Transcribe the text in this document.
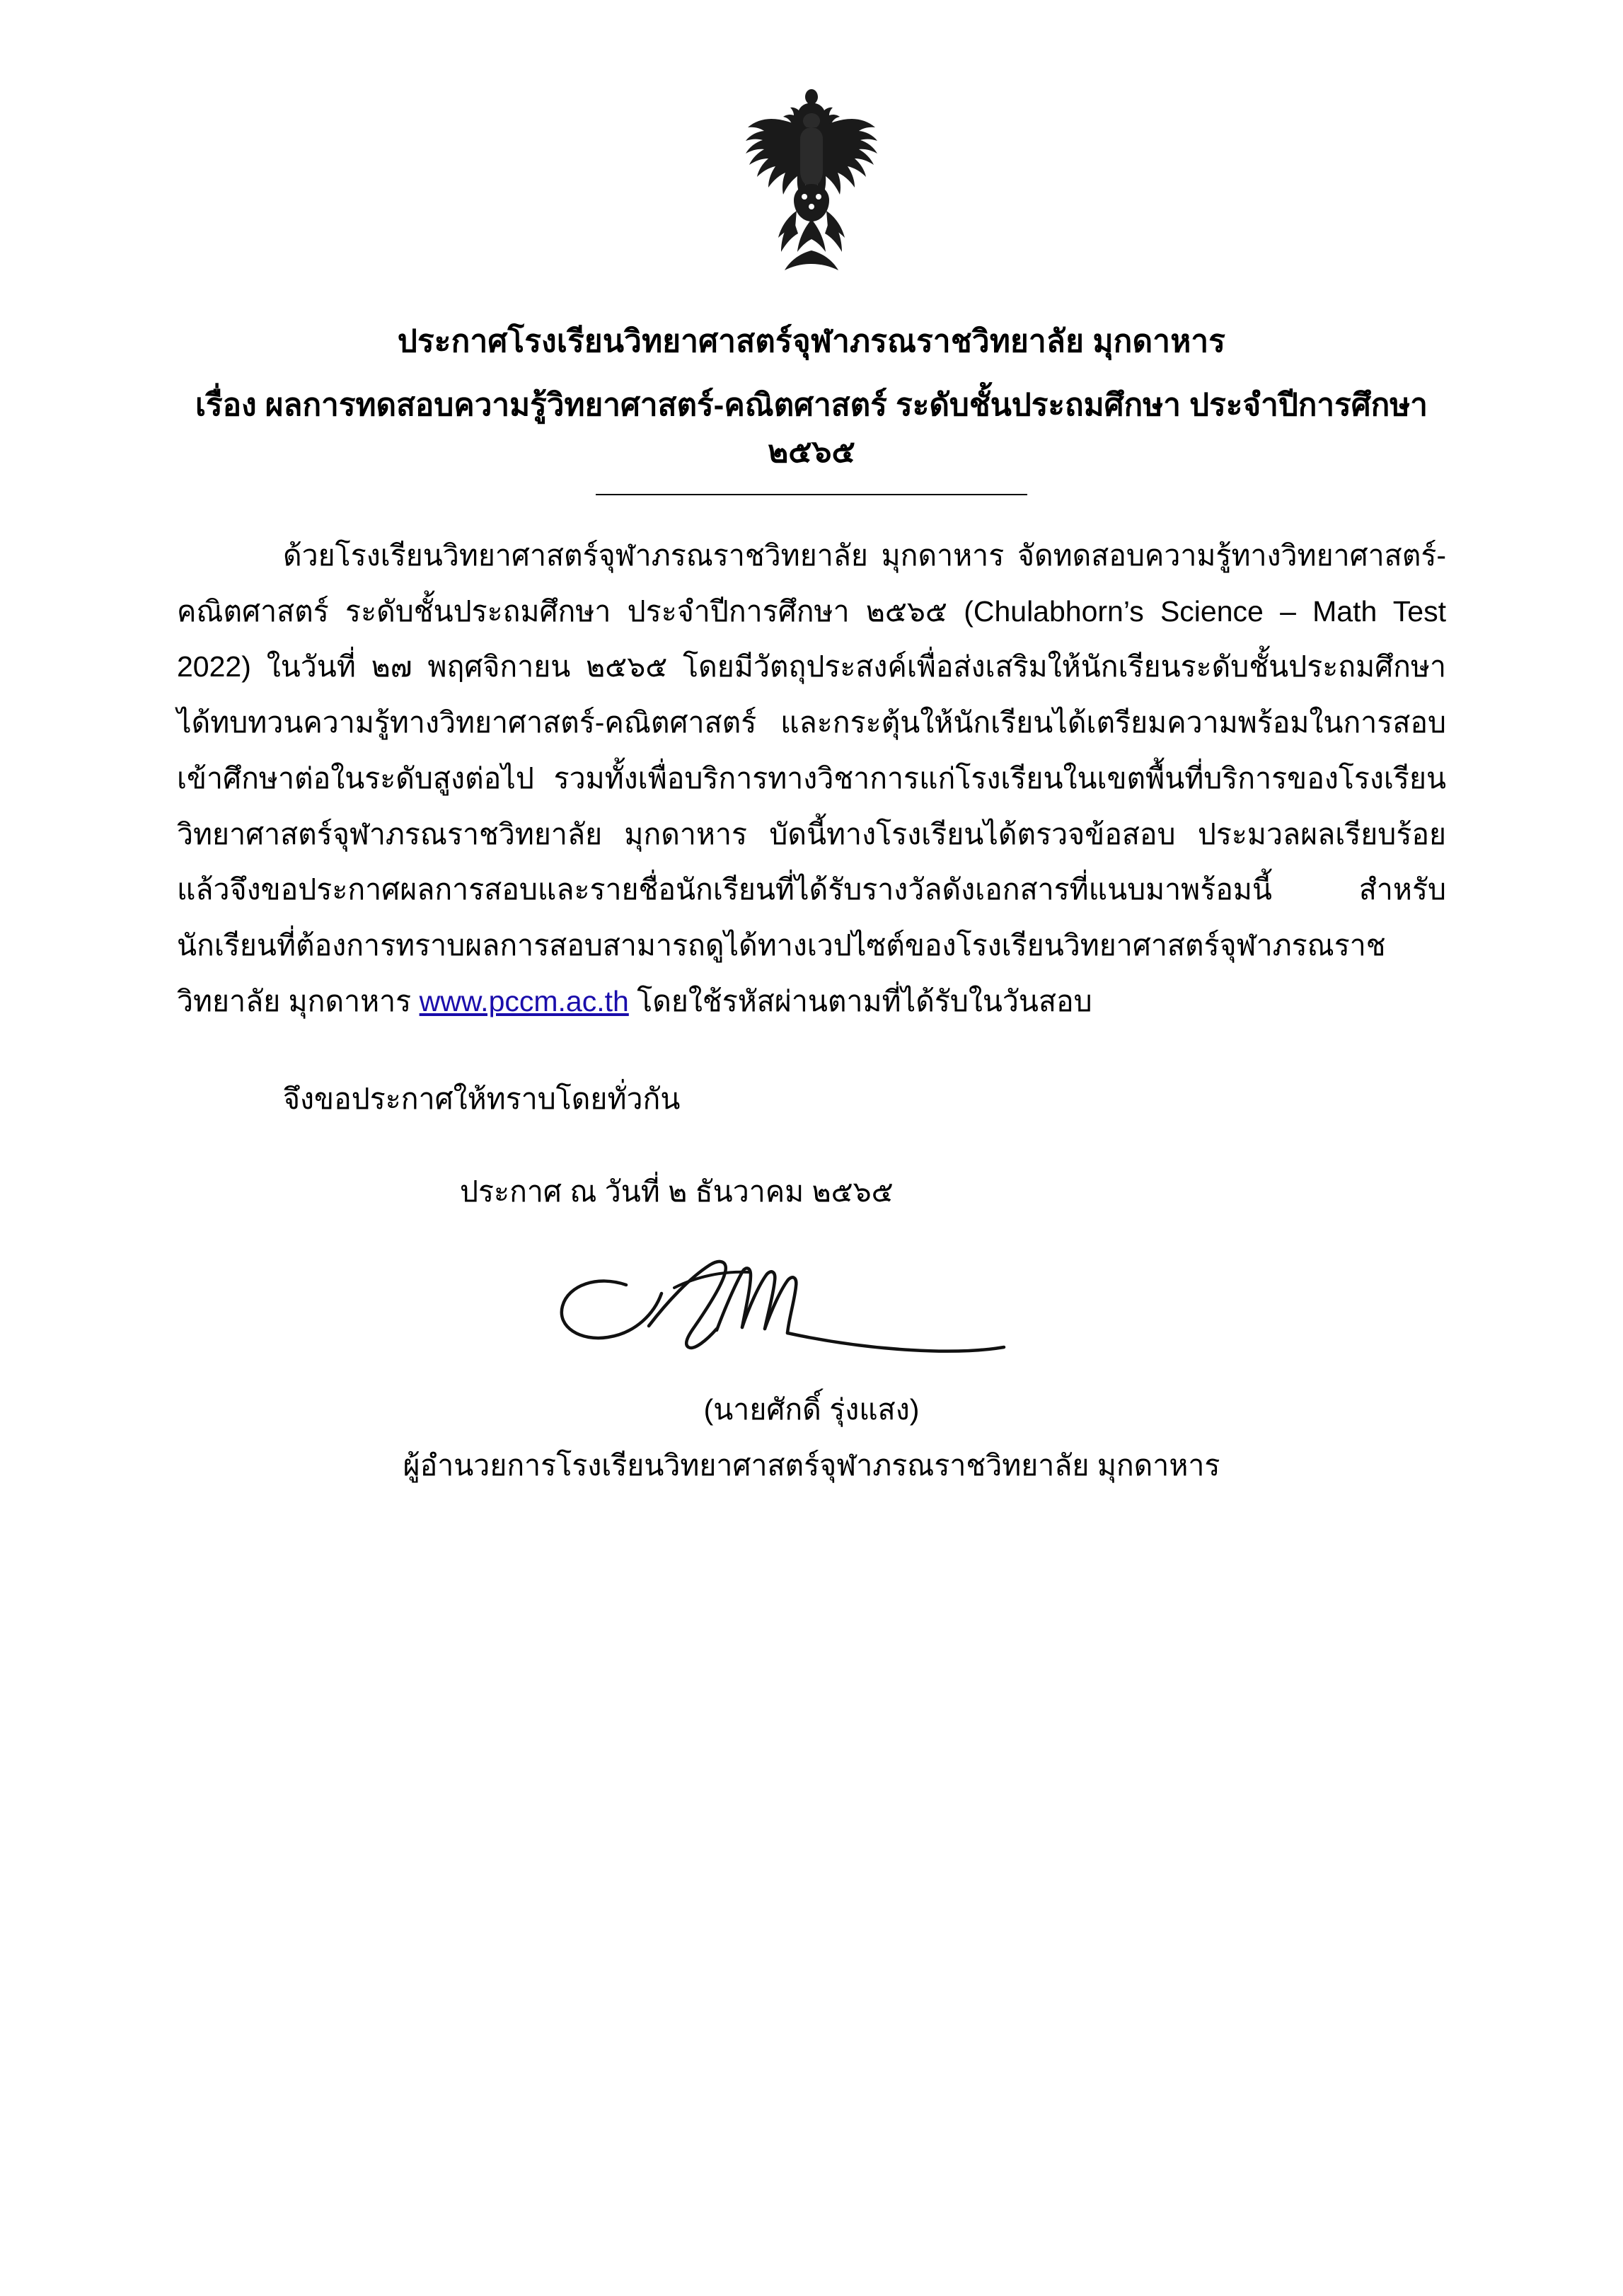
ประกาศโรงเรียนวิทยาศาสตร์จุฬาภรณราชวิทยาลัย มุกดาหาร
เรื่อง ผลการทดสอบความรู้วิทยาศาสตร์-คณิตศาสตร์ ระดับชั้นประถมศึกษา ประจำปีการศึกษา ๒๕๖๕

ด้วยโรงเรียนวิทยาศาสตร์จุฬาภรณราชวิทยาลัย มุกดาหาร จัดทดสอบความรู้ทางวิทยาศาสตร์-คณิตศาสตร์ ระดับชั้นประถมศึกษา ประจำปีการศึกษา ๒๕๖๕ (Chulabhorn’s Science – Math Test 2022) ในวันที่ ๒๗ พฤศจิกายน ๒๕๖๕ โดยมีวัตถุประสงค์เพื่อส่งเสริมให้นักเรียนระดับชั้นประถมศึกษา ได้ทบทวนความรู้ทางวิทยาศาสตร์-คณิตศาสตร์ และกระตุ้นให้นักเรียนได้เตรียมความพร้อมในการสอบเข้าศึกษาต่อในระดับสูงต่อไป รวมทั้งเพื่อบริการทางวิชาการแก่โรงเรียนในเขตพื้นที่บริการของโรงเรียนวิทยาศาสตร์จุฬาภรณราชวิทยาลัย มุกดาหาร บัดนี้ทางโรงเรียนได้ตรวจข้อสอบ ประมวลผลเรียบร้อยแล้วจึงขอประกาศผลการสอบและรายชื่อนักเรียนที่ได้รับรางวัลดังเอกสารที่แนบมาพร้อมนี้ สำหรับนักเรียนที่ต้องการทราบผลการสอบสามารถดูได้ทางเวปไซต์ของโรงเรียนวิทยาศาสตร์จุฬาภรณราชวิทยาลัย มุกดาหาร www.pccm.ac.th โดยใช้รหัสผ่านตามที่ได้รับในวันสอบ

จึงขอประกาศให้ทราบโดยทั่วกัน
ประกาศ ณ วันที่ ๒ ธันวาคม ๒๕๖๕
(นายศักดิ์ รุ่งแสง)
ผู้อำนวยการโรงเรียนวิทยาศาสตร์จุฬาภรณราชวิทยาลัย มุกดาหาร
